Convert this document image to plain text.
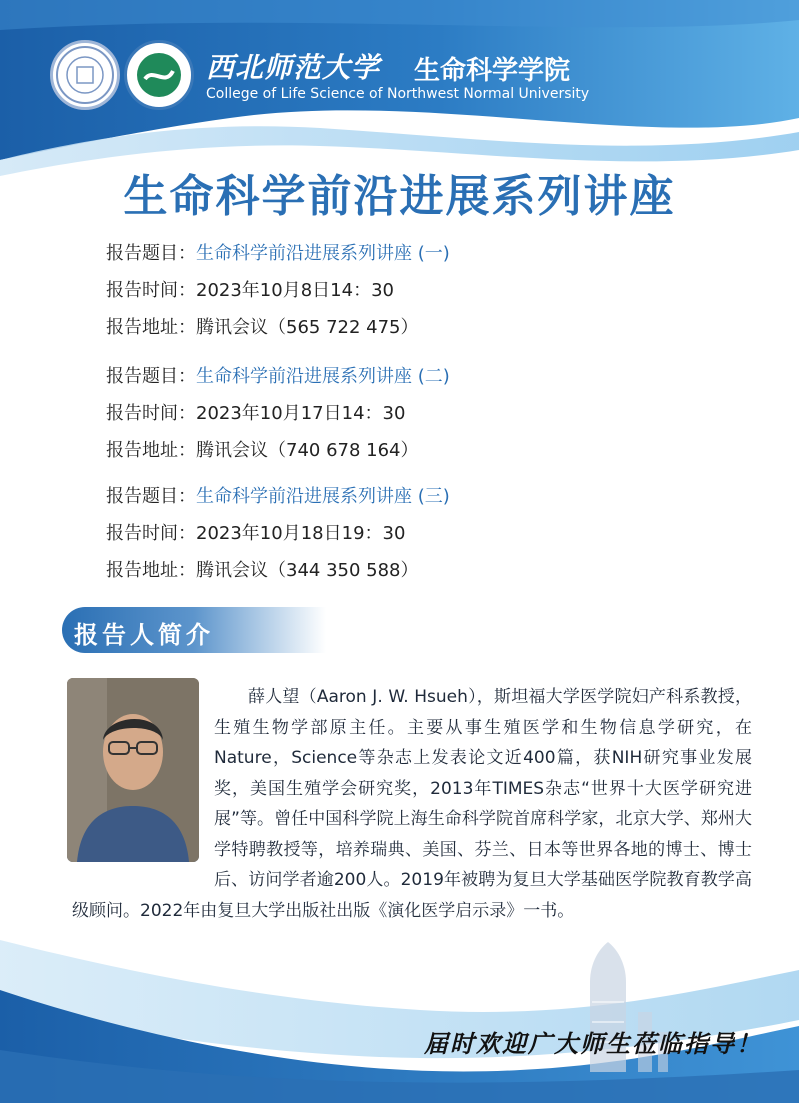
西北师范大学 生命科学学院
College of Life Science of Northwest Normal University
生命科学前沿进展系列讲座
报告题目：生命科学前沿进展系列讲座 (一)
报告时间：2023年10月8日14：30
报告地址：腾讯会议（565 722 475）
报告题目：生命科学前沿进展系列讲座 (二)
报告时间：2023年10月17日14：30
报告地址：腾讯会议（740 678 164）
报告题目：生命科学前沿进展系列讲座 (三)
报告时间：2023年10月18日19：30
报告地址：腾讯会议（344 350 588）
报告人简介

薛人望（Aaron J. W. Hsueh），斯坦福大学医学院妇产科系教授，生殖生物学部原主任。主要从事生殖医学和生物信息学研究，在Nature，Science等杂志上发表论文近400篇，获NIH研究事业发展奖，美国生殖学会研究奖，2013年TIMES杂志“世界十大医学研究进展”等。曾任中国科学院上海生命科学院首席科学家，北京大学、郑州大学特聘教授等，培养瑞典、美国、芬兰、日本等世界各地的博士、博士后、访问学者逾200人。2019年被聘为复旦大学基础医学院教育教学高级顾问。2022年由复旦大学出版社出版《演化医学启示录》一书。

届时欢迎广大师生莅临指导！
